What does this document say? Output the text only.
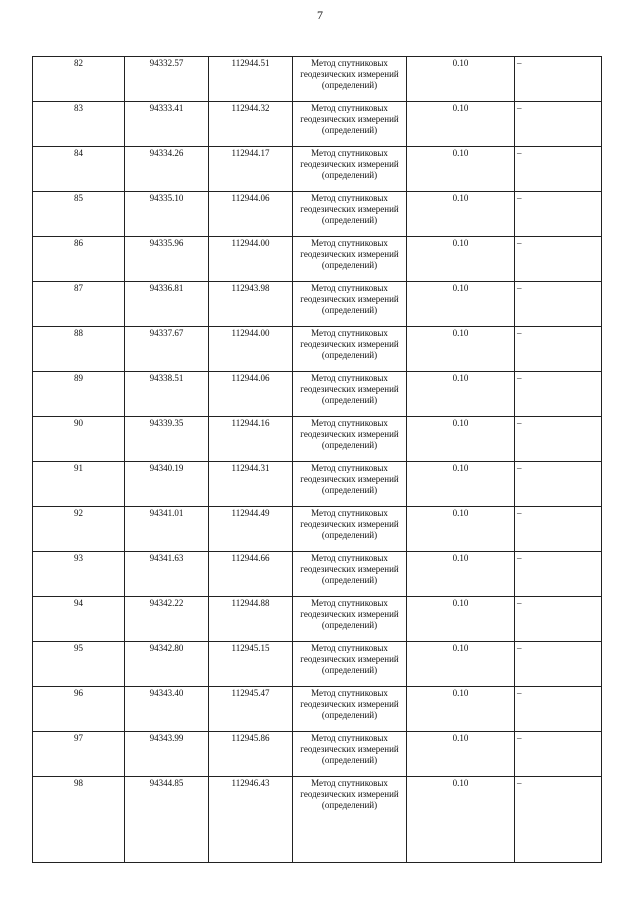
7
82	94332.57	112944.51	Метод спутниковых геодезических измерений (определений)	0.10	–
83	94333.41	112944.32	Метод спутниковых геодезических измерений (определений)	0.10	–
84	94334.26	112944.17	Метод спутниковых геодезических измерений (определений)	0.10	–
85	94335.10	112944.06	Метод спутниковых геодезических измерений (определений)	0.10	–
86	94335.96	112944.00	Метод спутниковых геодезических измерений (определений)	0.10	–
87	94336.81	112943.98	Метод спутниковых геодезических измерений (определений)	0.10	–
88	94337.67	112944.00	Метод спутниковых геодезических измерений (определений)	0.10	–
89	94338.51	112944.06	Метод спутниковых геодезических измерений (определений)	0.10	–
90	94339.35	112944.16	Метод спутниковых геодезических измерений (определений)	0.10	–
91	94340.19	112944.31	Метод спутниковых геодезических измерений (определений)	0.10	–
92	94341.01	112944.49	Метод спутниковых геодезических измерений (определений)	0.10	–
93	94341.63	112944.66	Метод спутниковых геодезических измерений (определений)	0.10	–
94	94342.22	112944.88	Метод спутниковых геодезических измерений (определений)	0.10	–
95	94342.80	112945.15	Метод спутниковых геодезических измерений (определений)	0.10	–
96	94343.40	112945.47	Метод спутниковых геодезических измерений (определений)	0.10	–
97	94343.99	112945.86	Метод спутниковых геодезических измерений (определений)	0.10	–
98	94344.85	112946.43	Метод спутниковых геодезических измерений (определений)	0.10	–
